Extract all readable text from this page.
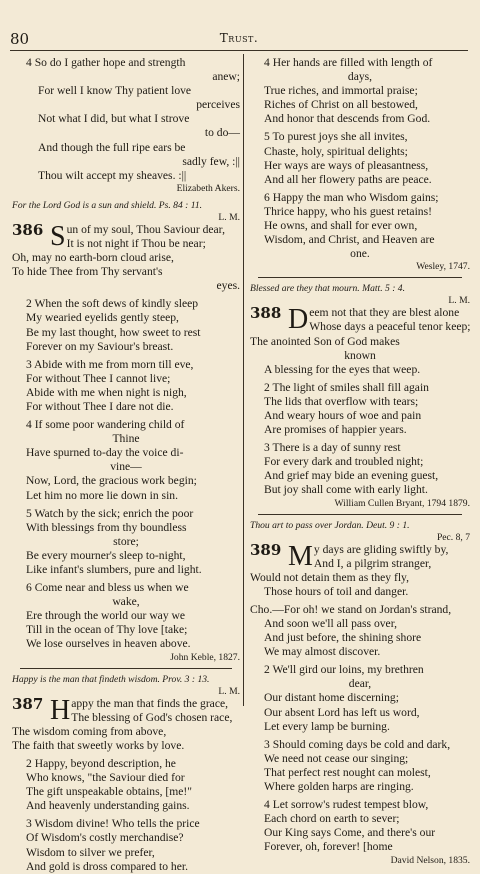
80	Trust.
4 So do I gather hope and strength
anew;
For well I know Thy patient love
perceives
Not what I did, but what I strove
to do—
And though the full ripe ears be
sadly few, :||
Thou wilt accept my sheaves. :||
Elizabeth Akers.
For the Lord God is a sun and shield. Ps. 84 : 11.
L. M.
386 S un of my soul, Thou Saviour dear,
It is not night if Thou be near;
Oh, may no earth-born cloud arise,
To hide Thee from Thy servant's
eyes.
2 When the soft dews of kindly sleep
My wearied eyelids gently steep,
Be my last thought, how sweet to rest
Forever on my Saviour's breast.
3 Abide with me from morn till eve,
For without Thee I cannot live;
Abide with me when night is nigh,
For without Thee I dare not die.
4 If some poor wandering child of
Thine
Have spurned to-day the voice di-
vine—
Now, Lord, the gracious work begin;
Let him no more lie down in sin.
5 Watch by the sick; enrich the poor
With blessings from thy boundless
store;
Be every mourner's sleep to-night,
Like infant's slumbers, pure and light.
6 Come near and bless us when we
wake,
Ere through the world our way we
Till in the ocean of Thy love [take;
We lose ourselves in heaven above.
John Keble, 1827.
Happy is the man that findeth wisdom. Prov. 3 : 13.
L. M.
387 H appy the man that finds the grace,
The blessing of God's chosen race,
The wisdom coming from above,
The faith that sweetly works by love.
2 Happy, beyond description, he
Who knows, "the Saviour died for
The gift unspeakable obtains, [me!"
And heavenly understanding gains.
3 Wisdom divine! Who tells the price
Of Wisdom's costly merchandise?
Wisdom to silver we prefer,
And gold is dross compared to her.
4 Her hands are filled with length of
days,
True riches, and immortal praise;
Riches of Christ on all bestowed,
And honor that descends from God.
5 To purest joys she all invites,
Chaste, holy, spiritual delights;
Her ways are ways of pleasantness,
And all her flowery paths are peace.
6 Happy the man who Wisdom gains;
Thrice happy, who his guest retains!
He owns, and shall for ever own,
Wisdom, and Christ, and Heaven are
one.
Wesley, 1747.
Blessed are they that mourn. Matt. 5 : 4.
L. M.
388 D eem not that they are blest alone
Whose days a peaceful tenor keep;
The anointed Son of God makes
known
A blessing for the eyes that weep.
2 The light of smiles shall fill again
The lids that overflow with tears;
And weary hours of woe and pain
Are promises of happier years.
3 There is a day of sunny rest
For every dark and troubled night;
And grief may bide an evening guest,
But joy shall come with early light.
William Cullen Bryant, 1794 1879.
Thou art to pass over Jordan. Deut. 9 : 1.
Pec. 8, 7
389 M y days are gliding swiftly by,
And I, a pilgrim stranger,
Would not detain them as they fly,
Those hours of toil and danger.
Cho.—For oh! we stand on Jordan's strand,
And soon we'll all pass over,
And just before, the shining shore
We may almost discover.
2 We'll gird our loins, my brethren
dear,
Our distant home discerning;
Our absent Lord has left us word,
Let every lamp be burning.
3 Should coming days be cold and dark,
We need not cease our singing;
That perfect rest nought can molest,
Where golden harps are ringing.
4 Let sorrow's rudest tempest blow,
Each chord on earth to sever;
Our King says Come, and there's our
Forever, oh, forever! [home
David Nelson, 1835.
